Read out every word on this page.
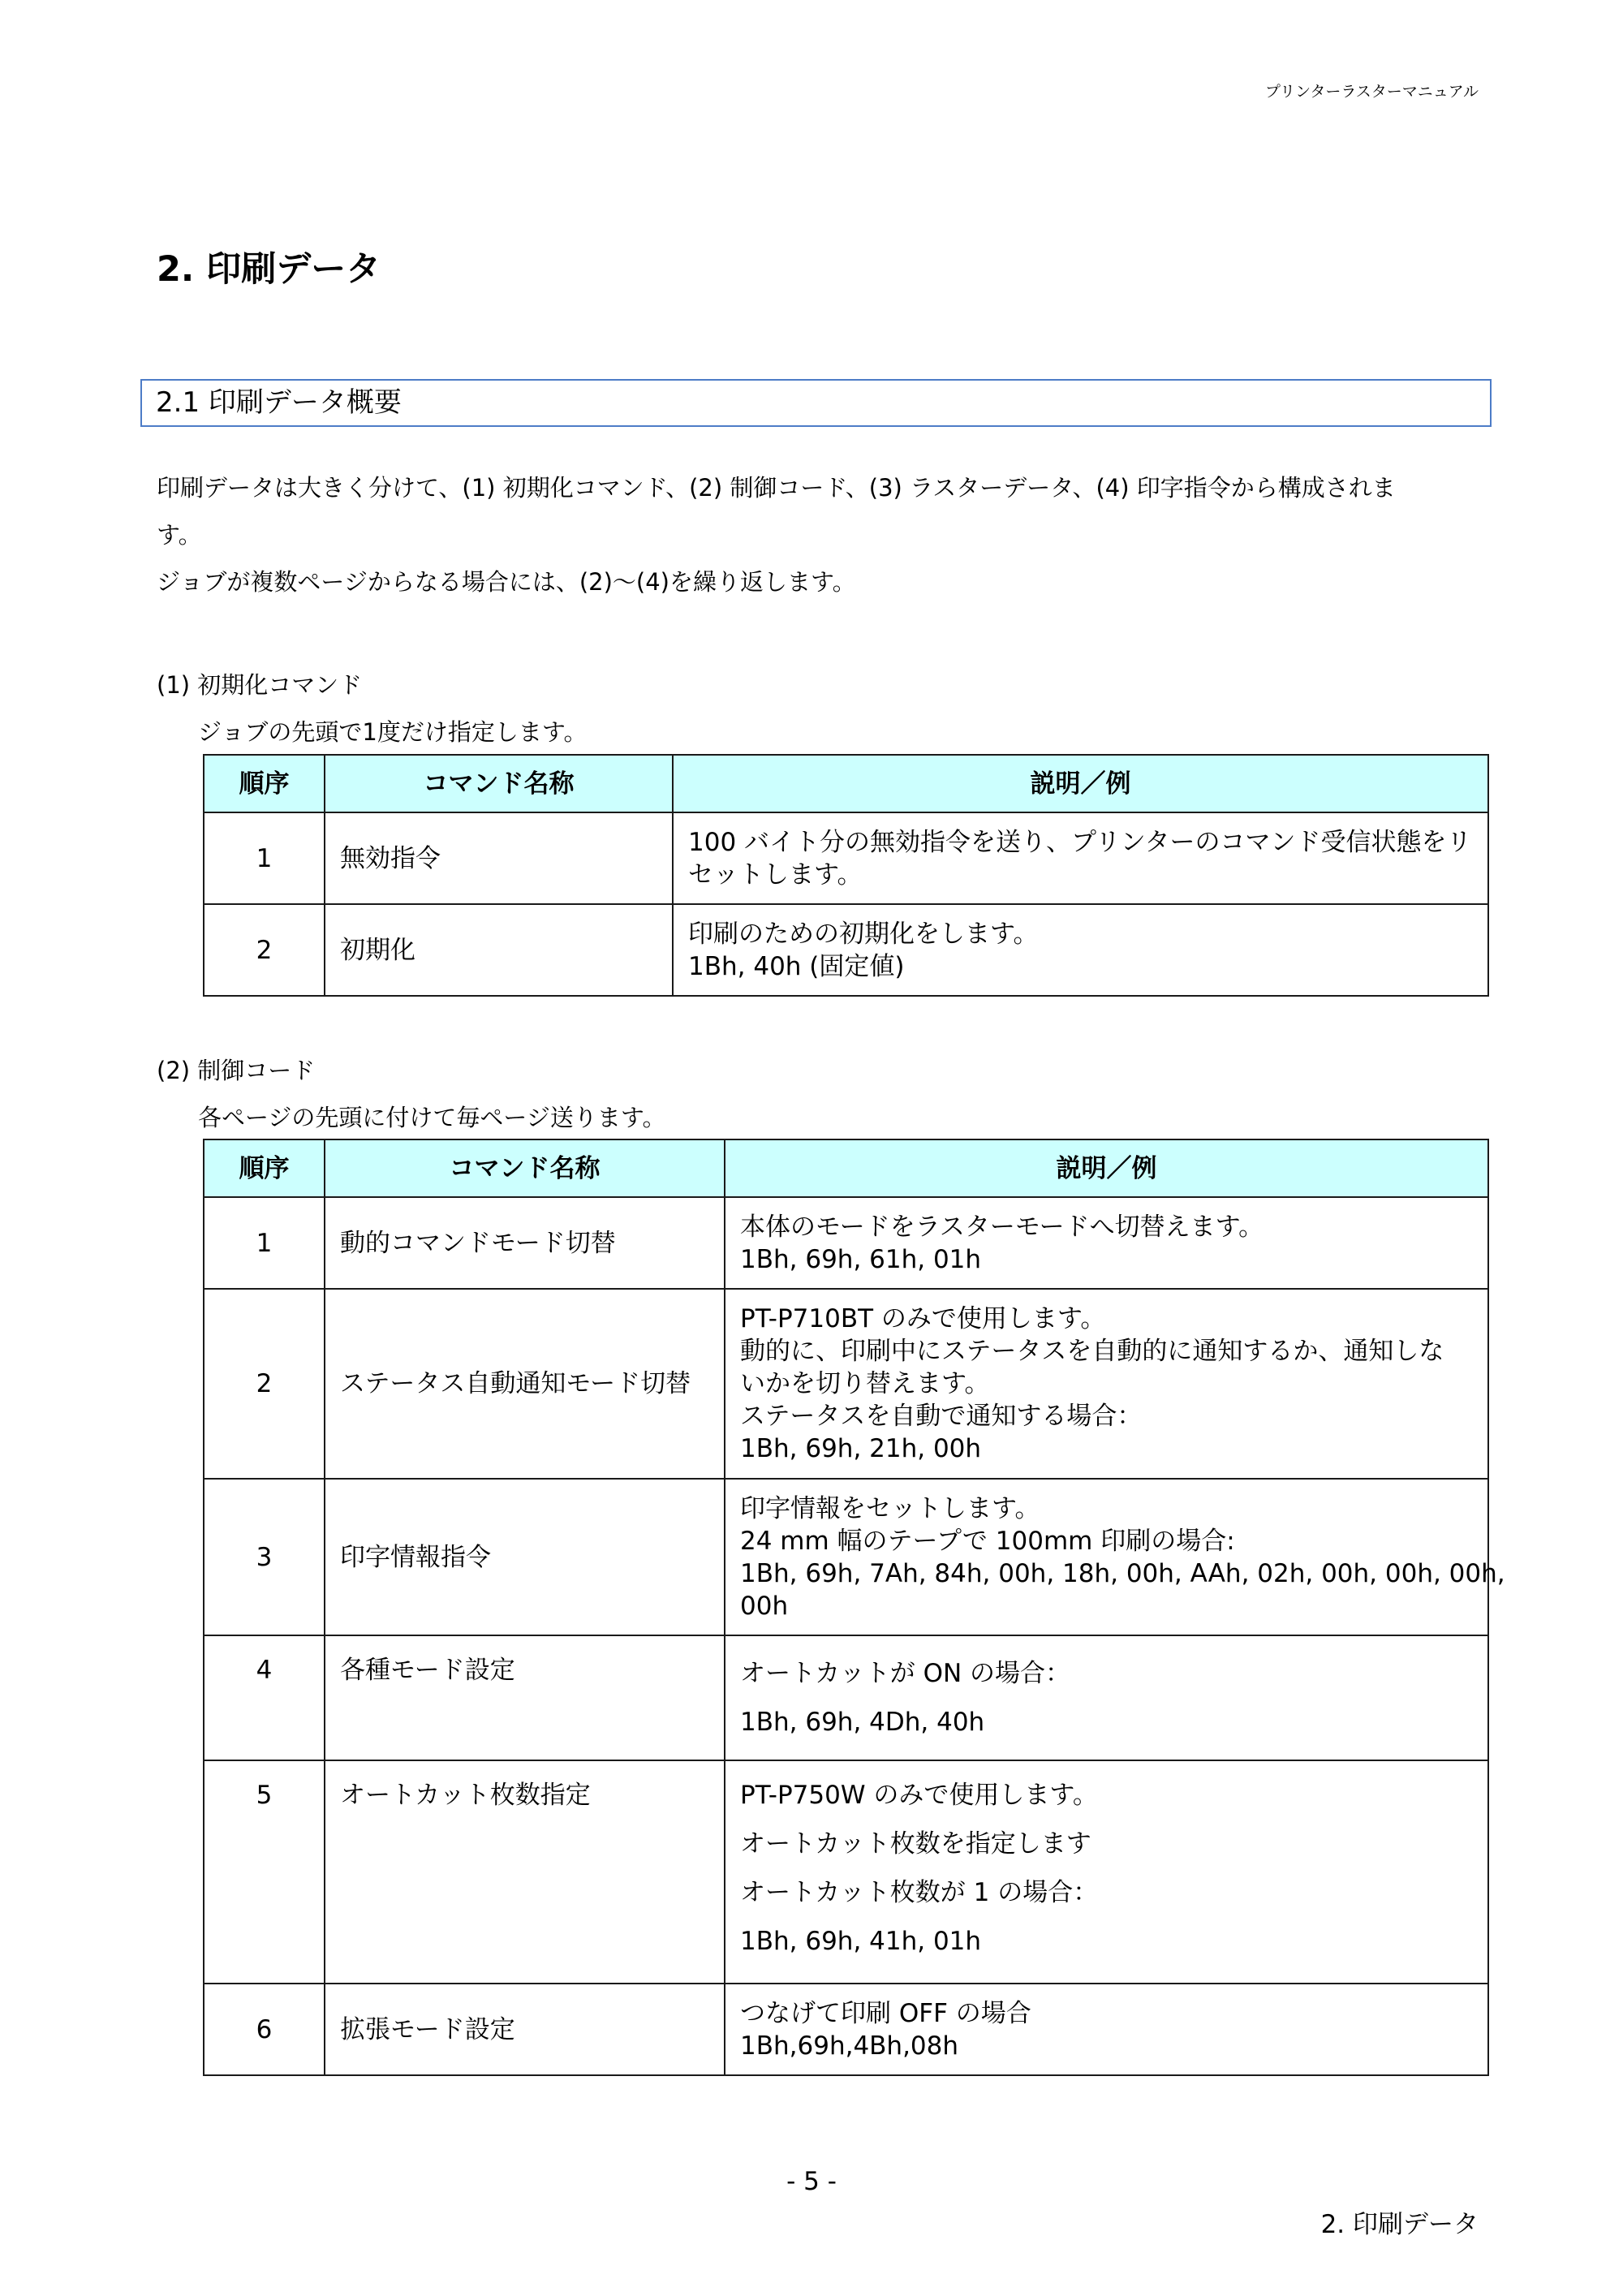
プリンターラスターマニュアル
2. 印刷データ
2.1 印刷データ概要
印刷データは大きく分けて、(1) 初期化コマンド、(2) 制御コード、(3) ラスターデータ、(4) 印字指令から構成されま
す。
ジョブが複数ページからなる場合には、(2)～(4)を繰り返します。
(1) 初期化コマンド
ジョブの先頭で1度だけ指定します。
順序	コマンド名称	説明／例
1	無効指令	100 バイト分の無効指令を送り、プリンターのコマンド受信状態をリ
セットします。

2	初期化	印刷のための初期化をします。
1Bh, 40h (固定値)
(2) 制御コード
各ページの先頭に付けて毎ページ送ります。
順序	コマンド名称	説明／例
1	動的コマンドモード切替	本体のモードをラスターモードへ切替えます。
1Bh, 69h, 61h, 01h

2	ステータス自動通知モード切替	PT-P710BT のみで使用します。
動的に、印刷中にステータスを自動的に通知するか、通知しな
いかを切り替えます。
ステータスを自動で通知する場合：
1Bh, 69h, 21h, 00h

3	印字情報指令	印字情報をセットします。
24 mm 幅のテープで 100mm 印刷の場合:
1Bh, 69h, 7Ah, 84h, 00h, 18h, 00h, AAh, 02h, 00h, 00h, 00h,
00h

4	各種モード設定	オートカットが ON の場合：
1Bh, 69h, 4Dh, 40h

5	オートカット枚数指定	PT-P750W のみで使用します。
オートカット枚数を指定します
オートカット枚数が 1 の場合：
1Bh, 69h, 41h, 01h

6	拡張モード設定	つなげて印刷 OFF の場合
1Bh,69h,4Bh,08h
- 5 -
2. 印刷データ
